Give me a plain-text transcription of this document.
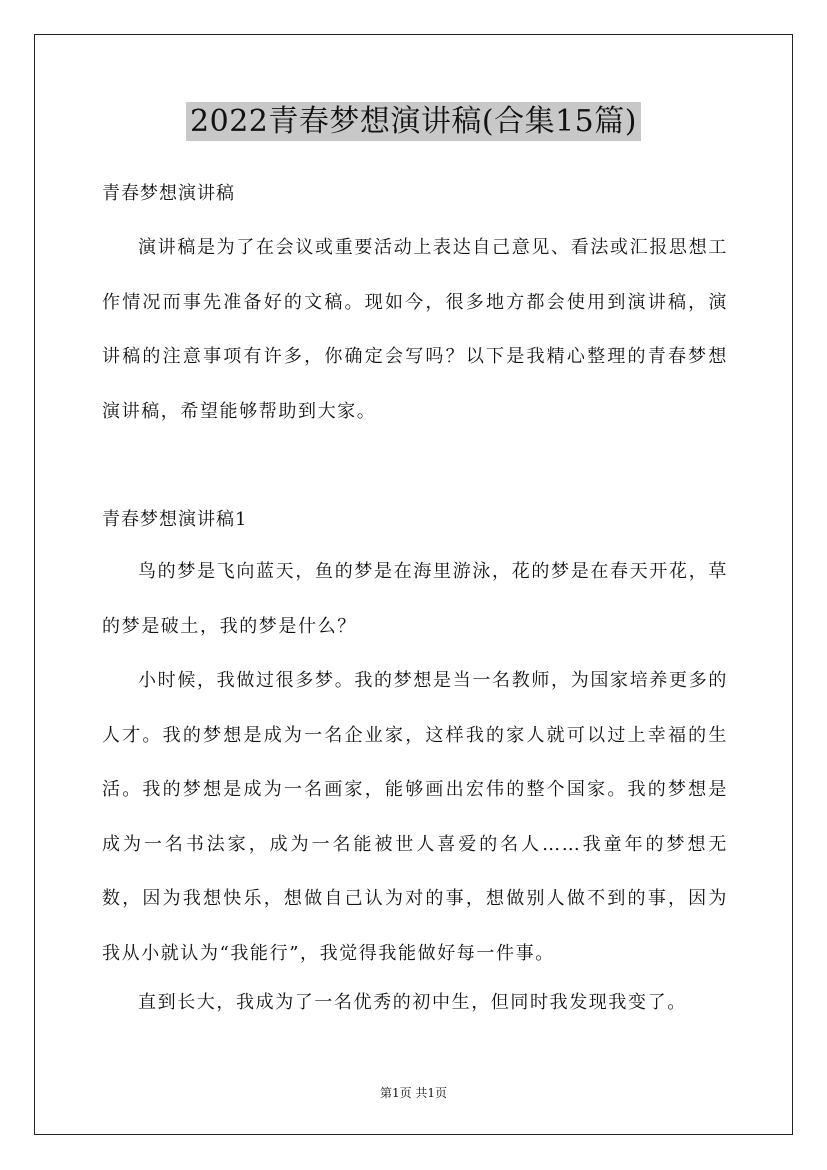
2022青春梦想演讲稿(合集15篇)
青春梦想演讲稿

演讲稿是为了在会议或重要活动上表达自己意见、看法或汇报思想工作情况而事先准备好的文稿。现如今，很多地方都会使用到演讲稿，演讲稿的注意事项有许多，你确定会写吗？以下是我精心整理的青春梦想演讲稿，希望能够帮助到大家。

青春梦想演讲稿1

鸟的梦是飞向蓝天，鱼的梦是在海里游泳，花的梦是在春天开花，草的梦是破土，我的梦是什么？

小时候，我做过很多梦。我的梦想是当一名教师，为国家培养更多的人才。我的梦想是成为一名企业家，这样我的家人就可以过上幸福的生活。我的梦想是成为一名画家，能够画出宏伟的整个国家。我的梦想是成为一名书法家，成为一名能被世人喜爱的名人……我童年的梦想无数，因为我想快乐，想做自己认为对的事，想做别人做不到的事，因为我从小就认为“我能行”，我觉得我能做好每一件事。

直到长大，我成为了一名优秀的初中生，但同时我发现我变了。

第1页 共1页
